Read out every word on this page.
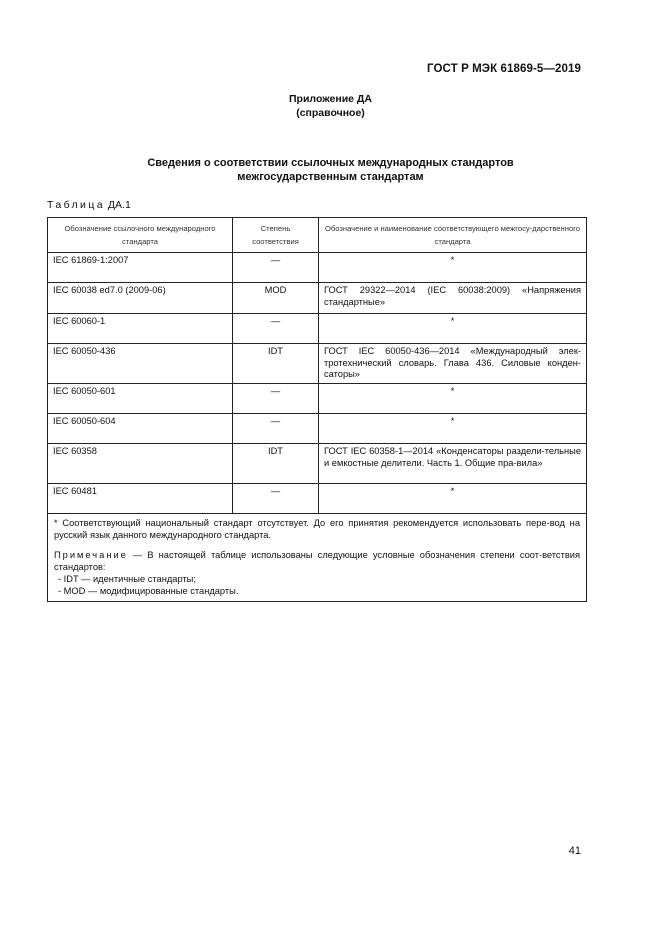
ГОСТ Р МЭК 61869-5—2019
Приложение ДА
(справочное)
Сведения о соответствии ссылочных международных стандартов
межгосударственным стандартам
Таблица ДА.1
Обозначение ссылочного международного стандарта	Степень соответствия	Обозначение и наименование соответствующего межгосу-дарственного стандарта
IEC 61869-1:2007	—	*
IEC 60038 ed7.0 (2009-06)	MOD	ГОСТ 29322—2014 (IEC 60038:2009) «Напряжения стандартные»
IEC 60060-1	—	*
IEC 60050-436	IDT	ГОСТ IEC 60050-436—2014 «Международный элек-тротехнический словарь. Глава 436. Силовые конден-саторы»
IEC 60050-601	—	*
IEC 60050-604	—	*
IEC 60358	IDT	ГОСТ IEC 60358-1—2014 «Конденсаторы раздели-тельные и емкостные делители. Часть 1. Общие пра-вила»
IEC 60481	—	*

* Соответствующий национальный стандарт отсутствует. До его принятия рекомендуется использовать пере-вод на русский язык данного международного стандарта.
Примечание — В настоящей таблице использованы следующие условные обозначения степени соот-ветствия стандартов:
- IDT — идентичные стандарты;
- MOD — модифицированные стандарты.		
41
